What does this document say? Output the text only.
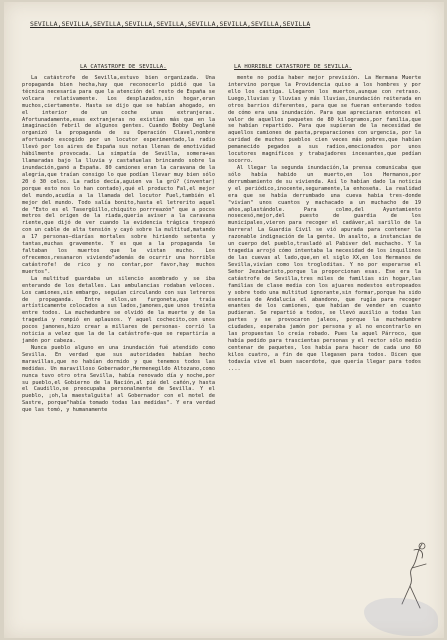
SEVILLA,SEVILLA,SEVILLA,SEVILLA,SEVILLA,SEVILLA,SEVILLA,SEVILLA,SEVILLA
LA CATASTROFE DE SEVILLA.	LA HORRIBLE CATASTROFE DE SEVILLA.

La catástrofe de Sevilla,estuvo bien organizada. Una propaganda bien hecha,hay que reconocerlo pidió que la técnica necesaria para que la atención del resto de España se volcara relativamente. Los desplazados,sin hogar,eran muchos,ciertamente. Hasta se dijo que se habían ahogado, en el interior de un coche unas extranjeras. Afortunadamente,esas extranjeras no existían más que en la imaginación febril de algunos gentes. Cuando Bobby Deglané organizó la propaganda de su Operación Clavel,nombre afortunado escogido por un locutor esperimentado,la radio llevó por los aires de España sus notas llenas de emotividad hábilmente provocada. La simpatía de Sevilla, somera+as llamaradas bajo la lluvia y castañuelas brincando sobre la inundación,ganó a España. 80 camiones eran la caravana de la alegría,que traían consigo lo que podían llevar muy bien sólo 20 ó 30 celos. La radio decía,aguien va la grú? (inventar) porque esto nos lo han contado),qué el producto Fal,el mejor del mundo,acudía a la llamada del locutor Fuel,también el mejor del mundo. Todo salía bonito,hasta el letrerito aquel de "Esto es el Tasergüillo,chiquito porrreazón" que a pocos metros del origen de la riada,quería aviser a la caravana riente,que dijó de ver cuando la evidencia trágica tropezó con un cable de alta tensión y cayó sobre la multitud,matando a 17 personas—diarías mortales sobre hiriendo setenta y tantas,muchas gravemente. Y es que a la propaganda le faltaban los muertos que le vistan mucho. Los ofrecemos,resanaron viviendo"además de ocurrir una horrible catástrofe! de rico y no contar,por favor,hay muchos muertos".

La multitud guardaba un silencio asombrado y se iba enterando de los detalles. Las ambulancias rodaban veloces. Los camiones,sin embargo, seguían circulando con sus letreros de propaganda. Entre ellos,un furgoneta,que traía artísticamente colocados a sus lados,jamones,que unos treinta entre todos. La muchedumbre se olvidó de la muerte y de la tragedia y rompió en aplausos. Y aquel cochecito,con unos pocos jamones,hizo crear a millares de personas- corrió la noticia a velez que la de la catástrofe-que se repartiría a jamón por cabeza.

Nunca pueblo alguno en una inundación fué atendido como Sevilla. En verdad que sus autoridades habían hecho maravillas,que no habían dormido y que tenemos todos las medidas. Un maravilloso Gobernador,Hermenegildo Altozano,como nunca tuvo otro otra Sevilla, había renovado día y noche,por su pueblo,el Gobierno de la Nación,al pié del cañón,y hasta el Caudillo,se preocupaba personalmente de Sevilla. Y el pueblo, ¡oh,la maestalguita! al Gobernador con el motel de Sastre, porque"había tomado todas las medidas". Y era verdad que las tomó, y humanamente

mente no podía haber mejor previsión. La Hermana Muerte intervino porque la Providencia quiso a los hombres y por ello los castiga. Llegaron los muertos,aunque con retraso. Luego,lluvias y lluvias y más lluvias,inundación reiterada en otros barrios diferentes, para que se fueran enterando todos de cómo era una inundación. Para que apreciaran entonces el valor de aquellos paquetes de 80 kilogramos,por familia,que se habían repartido. Para que supieran de la necesidad de aquellos camiones de pasta,preparaciones con urgencia, por la caridad de muchos pueblos cien veces más pobres,que habían pemanecido pegados a sus radios,emocionados por unos locutores magníficos y trabajadores incesantes,que pedían socorro.

Al llegar la segunda inundación,la prensa comunicaba que sólo había habido un muerto,en los Hermanos,por derrumbamiento de su vivienda. Así lo habían dado la noticia y el periódico,inocente,seguramente,la enhoseña. La realidad era que se había derrumbado una cueva habia tres-donde "vivían" unos cuantos y machacado a un muchacho de 19 años,aplastándole. Para colmo,del Ayuntamiento nosecesó,mejor,del puesto de guardia de los municipales,vieron para recoger el cadáver,al sarillo de la barrera! La Guardia Civil se vió apurada para contener la razonable indignación de la gente. Un asalto, a instancias de un cuerpo del pueblo,trasladó al Pabiver del muchacho. Y la tragedia arrojó cómo intentaba la necesidad de los inquilinos de las cuevas al lado,que,en el siglo XX,en los Hermanos de Sevilla,vivían como los trogloditas. Y no por esperarse el Señor Jezabaristo,porque la proporcionan esas. Ese era la catástrofe de Sevilla,tres miles de familias sin hogar,las familias de clase media con los ajuares modestos estropeados y sobre todo una multitud ignorante,sin formar,porque ha sido esencia de Andalucía el abandono, que rugía para recoger enantes de los camiones, que habían de vender en cuanto pudieran. Se repartió a todos, se llevó auxilio a todas las partes y se provocaron jaleos, porque la muchedumbre ciudades, esperaba jamón por persona y al no encontrarlo en las propuestas lo creía robado. Pues la aquel Párroco, que había pedido para trascientas personas y el rector sólo medio centenar de paquetes, los había para hacer de cada uno 60 kilos cuatro, a fin de que llegasen para todos. Dicen que todavía vive el buen sacerdote, que quería llegar para todos ....
